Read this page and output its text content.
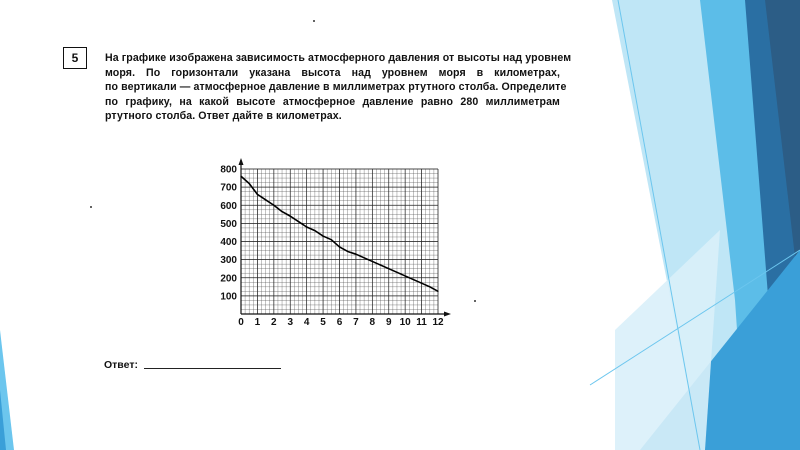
5	На графике изображена зависимость атмосферного давления от высоты над уровнем
моря. По горизонтали указана высота над уровнем моря в километрах,
по вертикали — атмосферное давление в миллиметрах ртутного столба. Определите
по графику, на какой высоте атмосферное давление равно 280 миллиметрам
ртутного столба. Ответ дайте в километрах.

0 1 2 3 4 5 6 7 8 9 10 11 12
100
200
300
400
500
600
700
800
Ответ:
